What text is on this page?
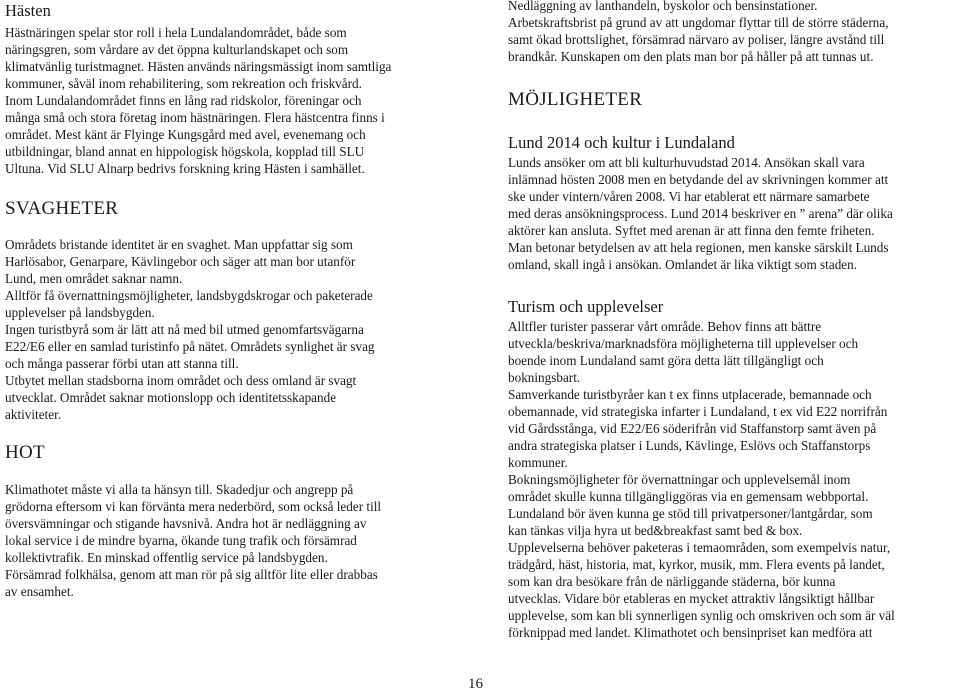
Hästen
Hästnäringen spelar stor roll i hela Lundalandområdet, både som
näringsgren, som vårdare av det öppna kulturlandskapet och som
klimatvänlig turistmagnet. Hästen används näringsmässigt inom samtliga
kommuner, såväl inom rehabilitering, som rekreation och friskvård.
Inom Lundalandområdet finns en lång rad ridskolor, föreningar och
många små och stora företag inom hästnäringen. Flera hästcentra finns i
området. Mest känt är Flyinge Kungsgård med avel, evenemang och
utbildningar, bland annat en hippologisk högskola, kopplad till SLU
Ultuna. Vid SLU Alnarp bedrivs forskning kring Hästen i samhället.
SVAGHETER
Områdets bristande identitet är en svaghet. Man uppfattar sig som
Harlösabor, Genarpare, Kävlingebor och säger att man bor utanför
Lund, men området saknar namn.
Alltför få övernattningsmöjligheter, landsbygdskrogar och paketerade
upplevelser på landsbygden.
Ingen turistbyrå som är lätt att nå med bil utmed genomfartsvägarna
E22/E6 eller en samlad turistinfo på nätet. Områdets synlighet är svag
och många passerar förbi utan att stanna till.
Utbytet mellan stadsborna inom området och dess omland är svagt
utvecklat. Området saknar motionslopp och identitetsskapande
aktiviteter.
HOT
Klimathotet måste vi alla ta hänsyn till. Skadedjur och angrepp på
grödorna eftersom vi kan förvänta mera nederbörd, som också leder till
översvämningar och stigande havsnivå. Andra hot är nedläggning av
lokal service i de mindre byarna, ökande tung trafik och försämrad
kollektivtrafik. En minskad offentlig service på landsbygden.
Försämrad folkhälsa, genom att man rör på sig alltför lite eller drabbas
av ensamhet.
16
Nedläggning av lanthandeln, byskolor och bensinstationer.
Arbetskraftsbrist på grund av att ungdomar flyttar till de större städerna,
samt ökad brottslighet, försämrad närvaro av poliser, längre avstånd till
brandkår. Kunskapen om den plats man bor på håller på att tunnas ut.
MÖJLIGHETER
Lund 2014 och kultur i Lundaland
Lunds ansöker om att bli kulturhuvudstad 2014. Ansökan skall vara
inlämnad hösten 2008 men en betydande del av skrivningen kommer att
ske under vintern/våren 2008. Vi har etablerat ett närmare samarbete
med deras ansökningsprocess. Lund 2014 beskriver en ” arena” där olika
aktörer kan ansluta. Syftet med arenan är att finna den femte friheten.
Man betonar betydelsen av att hela regionen, men kanske särskilt Lunds
omland, skall ingå i ansökan. Omlandet är lika viktigt som staden.
Turism och upplevelser
Alltfler turister passerar vårt område. Behov finns att bättre
utveckla/beskriva/marknadsföra möjligheterna till upplevelser och
boende inom Lundaland samt göra detta lätt tillgängligt och
bokningsbart.
Samverkande turistbyråer kan t ex finns utplacerade, bemannade och
obemannade, vid strategiska infarter i Lundaland, t ex vid E22 norrifrån
vid Gårdsstånga, vid E22/E6 söderifrån vid Staffanstorp samt även på
andra strategiska platser i Lunds, Kävlinge, Eslövs och Staffanstorps
kommuner.
Bokningsmöjligheter för övernattningar och upplevelsemål inom
området skulle kunna tillgängliggöras via en gemensam webbportal.
Lundaland bör även kunna ge stöd till privatpersoner/lantgårdar, som
kan tänkas vilja hyra ut bed&breakfast samt bed & box.
Upplevelserna behöver paketeras i temaområden, som exempelvis natur,
trädgård, häst, historia, mat, kyrkor, musik, mm. Flera events på landet,
som kan dra besökare från de närliggande städerna, bör kunna
utvecklas. Vidare bör etableras en mycket attraktiv långsiktigt hållbar
upplevelse, som kan bli synnerligen synlig och omskriven och som är väl
förknippad med landet. Klimathotet och bensinpriset kan medföra att
